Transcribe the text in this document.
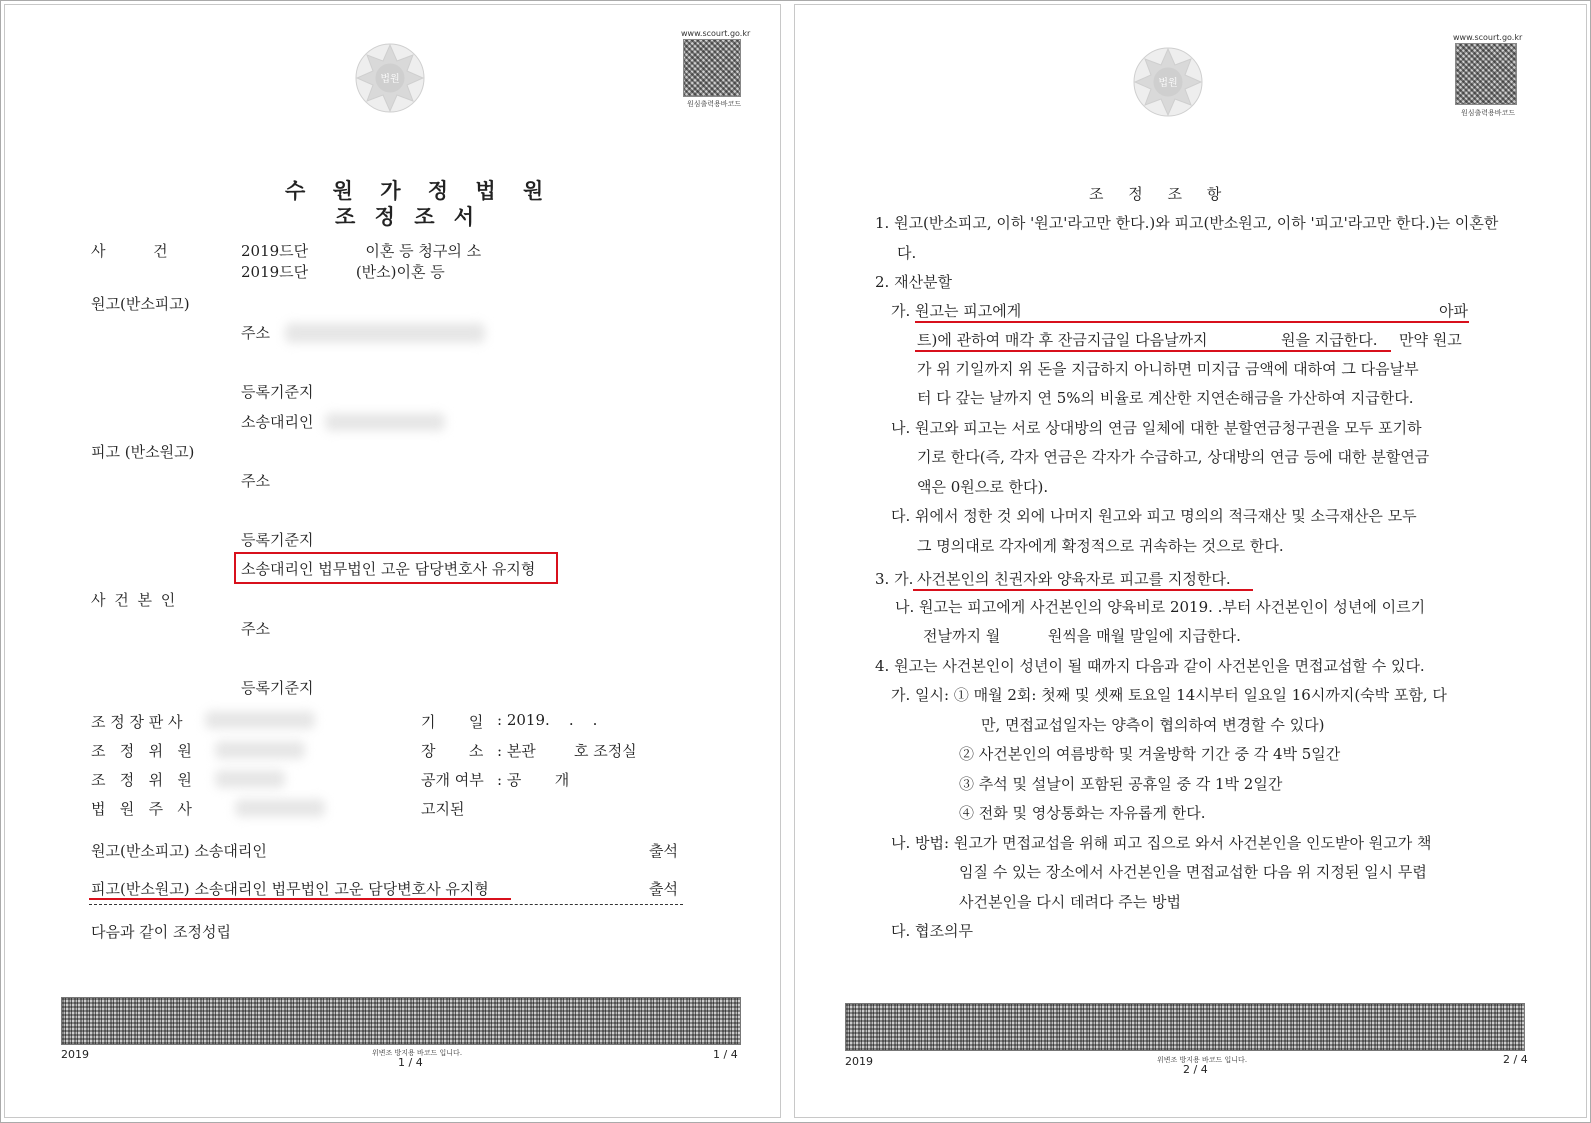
법원
www.scourt.go.kr
원심출력용바코드
수 원 가 정 법 원
조 정 조 서
사          건	2019드단            이혼 등 청구의 소
2019드단          (반소)이혼 등
원고(반소피고)
주소
등록기준지
소송대리인
피고 (반소원고)
주소
등록기준지
소송대리인 법무법인 고운 담당변호사 유지형
사 건 본 인
주소
등록기준지
조 정 장 판 사	기       일 : 2019.    .    .
조   정   위   원	장       소 : 본관        호 조정실
조   정   위   원	공개 여부 : 공       개
법   원   주   사	고지된
원고(반소피고) 소송대리인	출석
피고(반소원고) 소송대리인 법무법인 고운 담당변호사 유지형	출석
다음과 같이 조정성립
2019	위변조 방지용 바코드 입니다.
1 / 4
1 / 4
법원
www.scourt.go.kr
원심출력용바코드
조 정 조 항
1. 원고(반소피고, 이하 '원고'라고만 한다.)와 피고(반소원고, 이하 '피고'라고만 한다.)는 이혼한
다.
2. 재산분할
가. 원고는 피고에게	아파
트)에 관하여 매각 후 잔금지급일 다음날까지	원을 지급한다. 만약 원고
가 위 기일까지 위 돈을 지급하지 아니하면 미지급 금액에 대하여 그 다음날부
터 다 갚는 날까지 연 5%의 비율로 계산한 지연손해금을 가산하여 지급한다.
나. 원고와 피고는 서로 상대방의 연금 일체에 대한 분할연금청구권을 모두 포기하
기로 한다(즉, 각자 연금은 각자가 수급하고, 상대방의 연금 등에 대한 분할연금
액은 0원으로 한다).
다. 위에서 정한 것 외에 나머지 원고와 피고 명의의 적극재산 및 소극재산은 모두
그 명의대로 각자에게 확정적으로 귀속하는 것으로 한다.
3. 가. 사건본인의 친권자와 양육자로 피고를 지정한다.
나. 원고는 피고에게 사건본인의 양육비로 2019. .부터 사건본인이 성년에 이르기
전날까지 월          원씩을 매월 말일에 지급한다.
4. 원고는 사건본인이 성년이 될 때까지 다음과 같이 사건본인을 면접교섭할 수 있다.
가. 일시: ① 매월 2회: 첫째 및 셋째 토요일 14시부터 일요일 16시까지(숙박 포함, 다
만, 면접교섭일자는 양측이 협의하여 변경할 수 있다)
② 사건본인의 여름방학 및 겨울방학 기간 중 각 4박 5일간
③ 추석 및 설날이 포함된 공휴일 중 각 1박 2일간
④ 전화 및 영상통화는 자유롭게 한다.
나. 방법: 원고가 면접교섭을 위해 피고 집으로 와서 사건본인을 인도받아 원고가 책
임질 수 있는 장소에서 사건본인을 면접교섭한 다음 위 지정된 일시 무렵
사건본인을 다시 데려다 주는 방법
다. 협조의무
2019	위변조 방지용 바코드 입니다.
2 / 4
2 / 4
